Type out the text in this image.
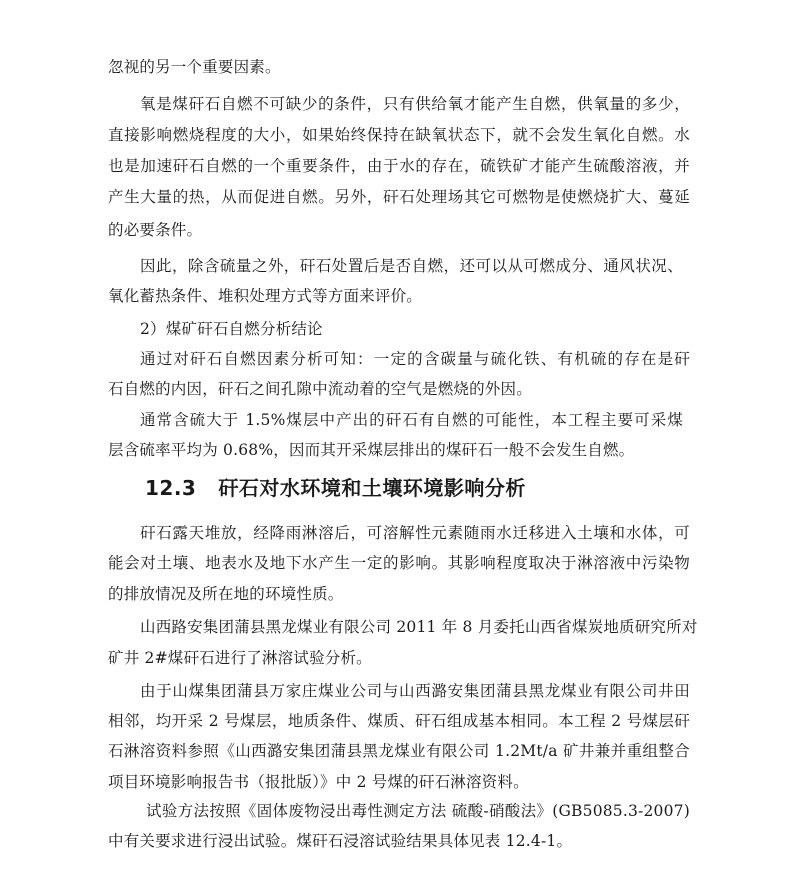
忽视的另一个重要因素。
氧是煤矸石自燃不可缺少的条件，只有供给氧才能产生自燃，供氧量的多少，
直接影响燃烧程度的大小，如果始终保持在缺氧状态下，就不会发生氧化自燃。水
也是加速矸石自燃的一个重要条件，由于水的存在，硫铁矿才能产生硫酸溶液，并
产生大量的热，从而促进自燃。另外，矸石处理场其它可燃物是使燃烧扩大、蔓延
的必要条件。
因此，除含硫量之外，矸石处置后是否自燃，还可以从可燃成分、通风状况、
氧化蓄热条件、堆积处理方式等方面来评价。
2）煤矿矸石自燃分析结论
通过对矸石自燃因素分析可知：一定的含碳量与硫化铁、有机硫的存在是矸
石自燃的内因，矸石之间孔隙中流动着的空气是燃烧的外因。
通常含硫大于 1.5%煤层中产出的矸石有自燃的可能性，本工程主要可采煤
层含硫率平均为 0.68%，因而其开采煤层排出的煤矸石一般不会发生自燃。
12.3 矸石对水环境和土壤环境影响分析
矸石露天堆放，经降雨淋溶后，可溶解性元素随雨水迁移进入土壤和水体，可
能会对土壤、地表水及地下水产生一定的影响。其影响程度取决于淋溶液中污染物
的排放情况及所在地的环境性质。
山西路安集团蒲县黑龙煤业有限公司 2011 年 8 月委托山西省煤炭地质研究所对
矿井 2#煤矸石进行了淋溶试验分析。
由于山煤集团蒲县万家庄煤业公司与山西潞安集团蒲县黑龙煤业有限公司井田
相邻，均开采 2 号煤层，地质条件、煤质、矸石组成基本相同。本工程 2 号煤层矸
石淋溶资料参照《山西潞安集团蒲县黑龙煤业有限公司 1.2Mt/a 矿井兼并重组整合
项目环境影响报告书（报批版）》中 2 号煤的矸石淋溶资料。
试验方法按照《固体废物浸出毒性测定方法 硫酸-硝酸法》(GB5085.3-2007)
中有关要求进行浸出试验。煤矸石浸溶试验结果具体见表 12.4-1。
